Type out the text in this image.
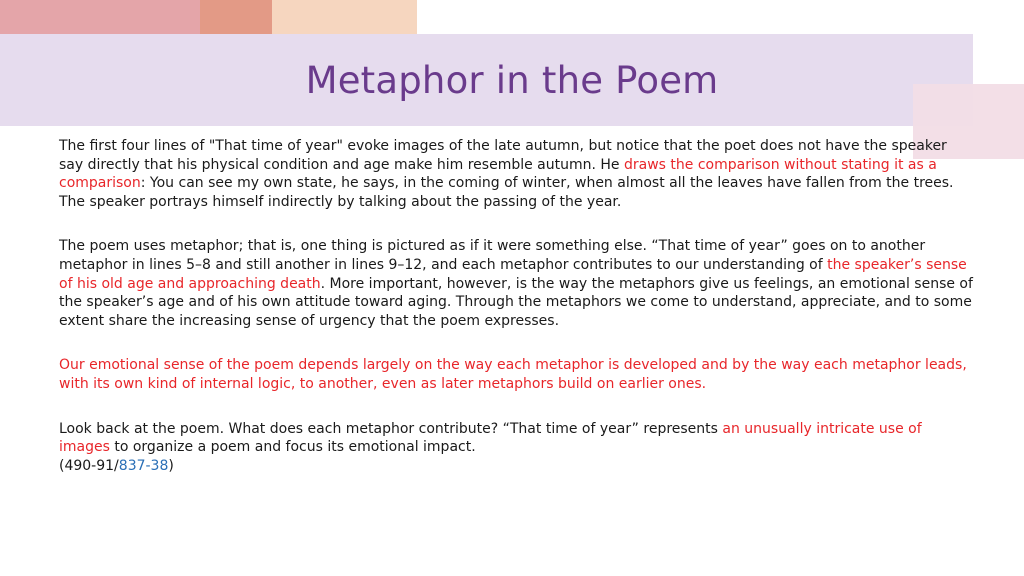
Metaphor in the Poem

The first four lines of "That time of year" evoke images of the late autumn, but notice that the poet does not have the speaker say directly that his physical condition and age make him resemble autumn. He draws the comparison without stating it as a comparison: You can see my own state, he says, in the coming of winter, when almost all the leaves have fallen from the trees. The speaker portrays himself indirectly by talking about the passing of the year.

The poem uses metaphor; that is, one thing is pictured as if it were something else. “That time of year” goes on to another metaphor in lines 5–8 and still another in lines 9–12, and each metaphor contributes to our understanding of the speaker’s sense of his old age and approaching death. More important, however, is the way the metaphors give us feelings, an emotional sense of the speaker’s age and of his own attitude toward aging. Through the metaphors we come to understand, appreciate, and to some extent share the increasing sense of urgency that the poem expresses.

Our emotional sense of the poem depends largely on the way each metaphor is developed and by the way each metaphor leads, with its own kind of internal logic, to another, even as later metaphors build on earlier ones.

Look back at the poem. What does each metaphor contribute? “That time of year” represents an unusually intricate use of images to organize a poem and focus its emotional impact.
(490-91/837-38)
